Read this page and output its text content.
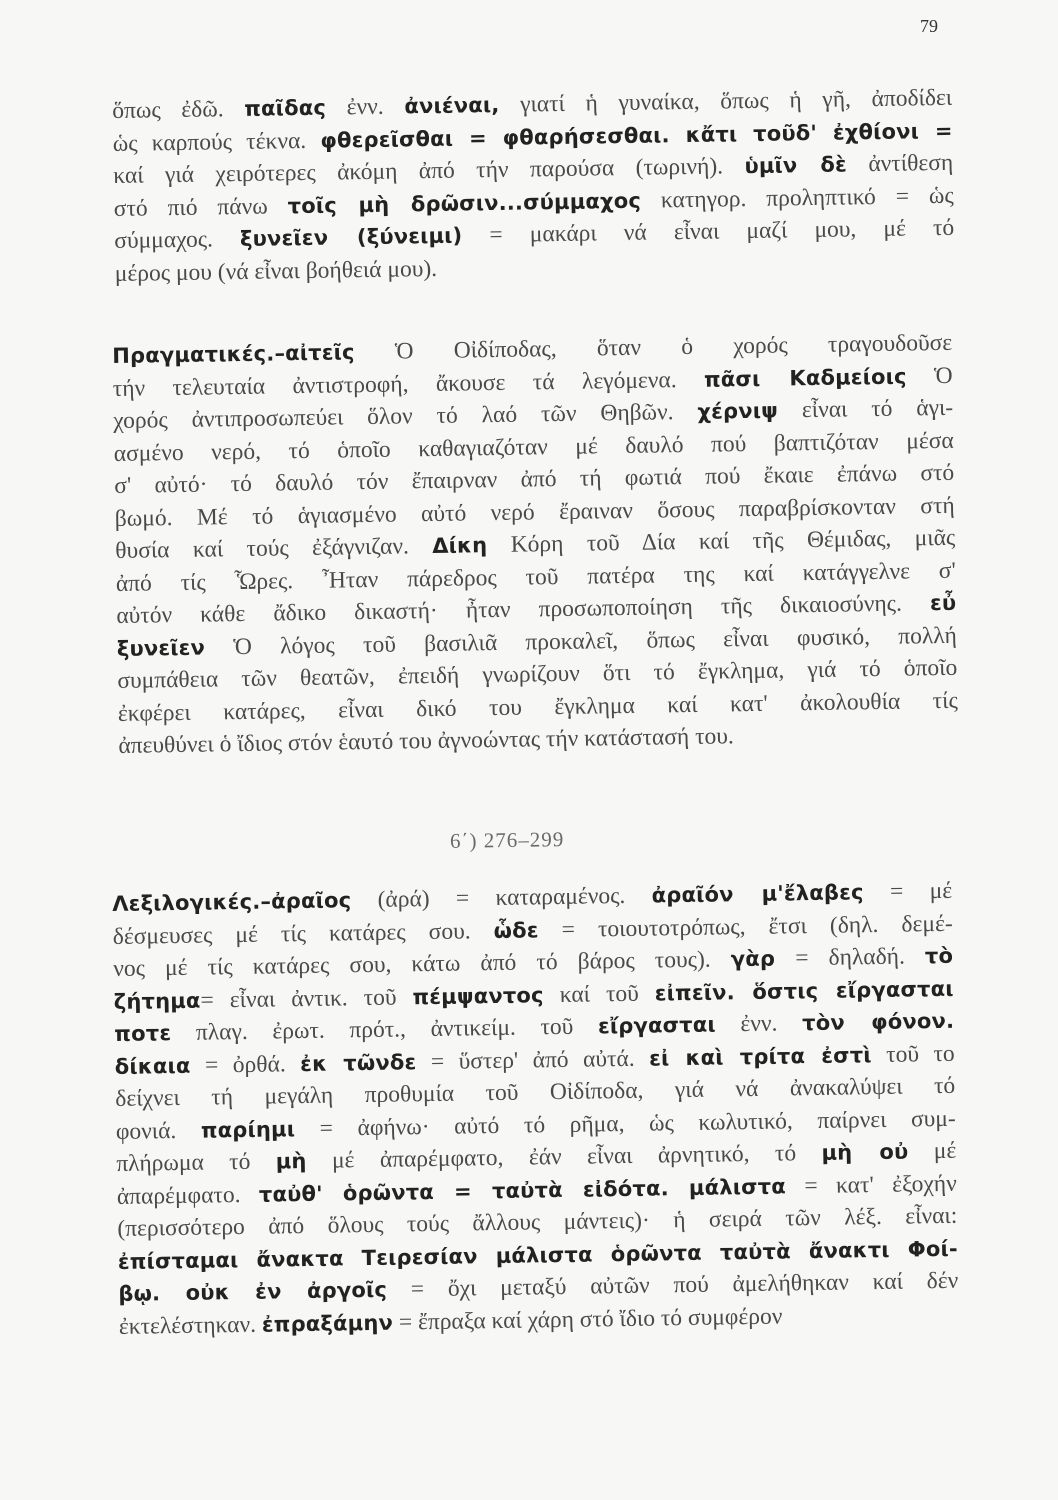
79
ὅπως ἐδῶ. παῖδας ἐνν. ἀνιέναι, γιατί ἡ γυναίκα, ὅπως ἡ γῆ, ἀποδίδει
ὡς καρπούς τέκνα. φθερεῖσθαι = φθαρήσεσθαι. κἄτι τοῦδ' ἐχθίονι =
καί γιά χειρότερες ἀκόμη ἀπό τήν παρούσα (τωρινή). ὑμῖν δὲ ἀντίθεση
στό πιό πάνω τοῖς μὴ δρῶσιν...σύμμαχος κατηγορ. προληπτικό = ὡς
σύμμαχος. ξυνεῖεν (ξύνειμι) = μακάρι νά εἶναι μαζί μου, μέ τό
μέρος μου (νά εἶναι βοήθειά μου).
Πραγματικές.–αἰτεῖς Ὁ Οἰδίποδας, ὅταν ὁ χορός τραγουδοῦσε
τήν τελευταία ἀντιστροφή, ἄκουσε τά λεγόμενα. πᾶσι Καδμείοις Ὁ
χορός ἀντιπροσωπεύει ὅλον τό λαό τῶν Θηβῶν. χέρνιψ εἶναι τό ἁγι-
ασμένο νερό, τό ὁποῖο καθαγιαζόταν μέ δαυλό πού βαπτιζόταν μέσα
σ' αὐτό· τό δαυλό τόν ἔπαιρναν ἀπό τή φωτιά πού ἔκαιε ἐπάνω στό
βωμό. Μέ τό ἁγιασμένο αὐτό νερό ἔραιναν ὅσους παραβρίσκονταν στή
θυσία καί τούς ἐξάγνιζαν. Δίκη Κόρη τοῦ Δία καί τῆς Θέμιδας, μιᾶς
ἀπό τίς Ὧρες. Ἦταν πάρεδρος τοῦ πατέρα της καί κατάγγελνε σ'
αὐτόν κάθε ἄδικο δικαστή· ἦταν προσωποποίηση τῆς δικαιοσύνης. εὖ
ξυνεῖεν Ὁ λόγος τοῦ βασιλιᾶ προκαλεῖ, ὅπως εἶναι φυσικό, πολλή
συμπάθεια τῶν θεατῶν, ἐπειδή γνωρίζουν ὅτι τό ἔγκλημα, γιά τό ὁποῖο
ἐκφέρει κατάρες, εἶναι δικό του ἔγκλημα καί κατ' ἀκολουθία τίς
ἀπευθύνει ὁ ἴδιος στόν ἑαυτό του ἀγνοώντας τήν κατάστασή του.
6΄) 276–299
Λεξιλογικές.–ἀραῖος (ἀρά) = καταραμένος. ἀραῖόν μ'ἔλαβες = μέ
δέσμευσες μέ τίς κατάρες σου. ὧδε = τοιουτοτρόπως, ἔτσι (δηλ. δεμέ-
νος μέ τίς κατάρες σου, κάτω ἀπό τό βάρος τους). γὰρ = δηλαδή. τὸ
ζήτημα= εἶναι ἀντικ. τοῦ πέμψαντος καί τοῦ εἰπεῖν. ὅστις εἴργασται
ποτε πλαγ. ἐρωτ. πρότ., ἀντικείμ. τοῦ εἴργασται ἐνν. τὸν φόνον.
δίκαια = ὀρθά. ἐκ τῶνδε = ὕστερ' ἀπό αὐτά. εἰ καὶ τρίτα ἐστὶ τοῦ το
δείχνει τή μεγάλη προθυμία τοῦ Οἰδίποδα, γιά νά ἀνακαλύψει τό
φονιά. παρίημι = ἀφήνω· αὐτό τό ρῆμα, ὡς κωλυτικό, παίρνει συμ-
πλήρωμα τό μὴ μέ ἀπαρέμφατο, ἐάν εἶναι ἀρνητικό, τό μὴ οὐ μέ
ἀπαρέμφατο. ταὐθ' ὁρῶντα = ταὐτὰ εἰδότα. μάλιστα = κατ' ἐξοχήν
(περισσότερο ἀπό ὅλους τούς ἄλλους μάντεις)· ἡ σειρά τῶν λέξ. εἶναι:
ἐπίσταμαι ἄνακτα Τειρεσίαν μάλιστα ὁρῶντα ταὐτὰ ἄνακτι Φοί-
βῳ. οὐκ ἐν ἀργοῖς = ὄχι μεταξύ αὐτῶν πού ἀμελήθηκαν καί δέν
ἐκτελέστηκαν. ἐπραξάμην = ἔπραξα καί χάρη στό ἴδιο τό συμφέρον
